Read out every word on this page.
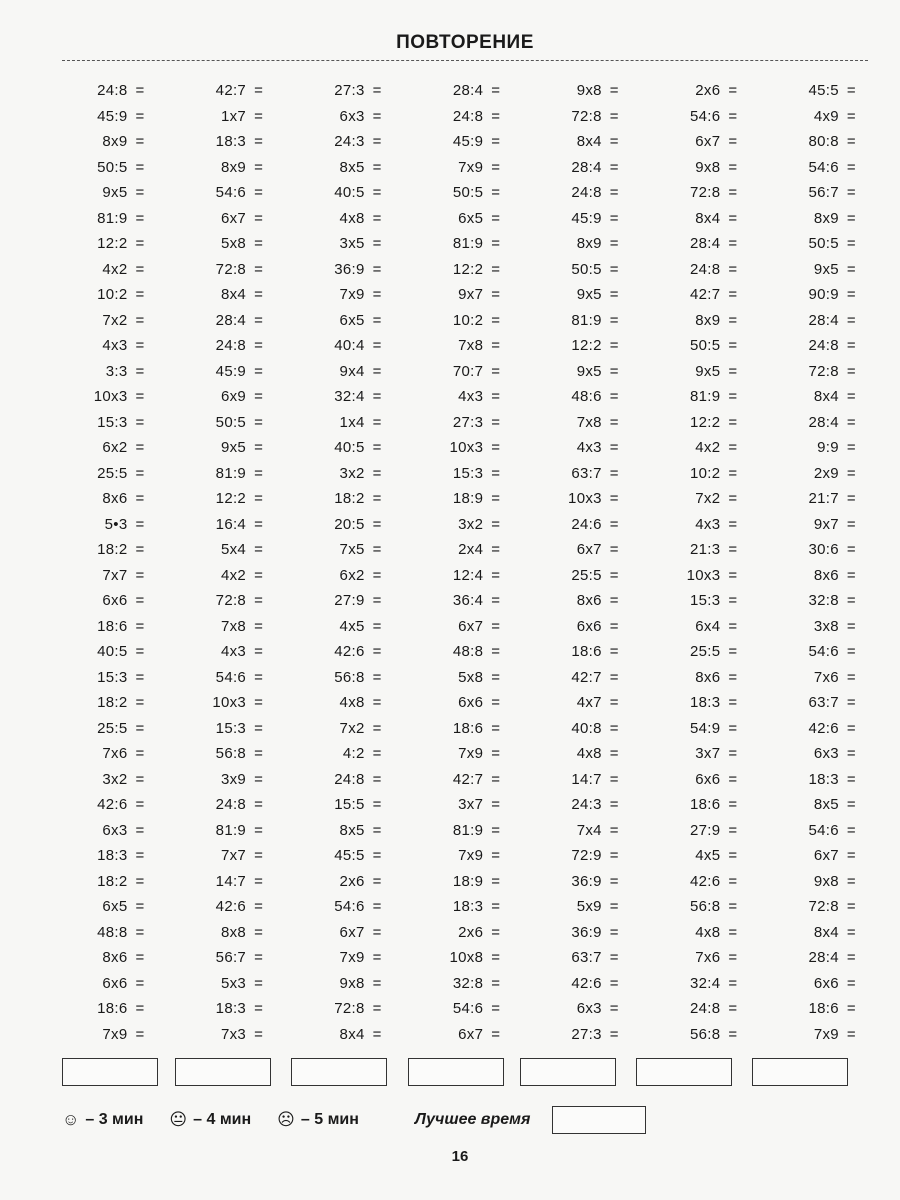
ПОВТОРЕНИЕ
24:8 =	42:7 =	27:3 =	28:4 =	9x8 =	2x6 =	45:5 =
45:9 =	1x7 =	6x3 =	24:8 =	72:8 =	54:6 =	4x9 =
8x9 =	18:3 =	24:3 =	45:9 =	8x4 =	6x7 =	80:8 =
50:5 =	8x9 =	8x5 =	7x9 =	28:4 =	9x8 =	54:6 =
9x5 =	54:6 =	40:5 =	50:5 =	24:8 =	72:8 =	56:7 =
81:9 =	6x7 =	4x8 =	6x5 =	45:9 =	8x4 =	8x9 =
12:2 =	5x8 =	3x5 =	81:9 =	8x9 =	28:4 =	50:5 =
4x2 =	72:8 =	36:9 =	12:2 =	50:5 =	24:8 =	9x5 =
10:2 =	8x4 =	7x9 =	9x7 =	9x5 =	42:7 =	90:9 =
7x2 =	28:4 =	6x5 =	10:2 =	81:9 =	8x9 =	28:4 =
4x3 =	24:8 =	40:4 =	7x8 =	12:2 =	50:5 =	24:8 =
3:3 =	45:9 =	9x4 =	70:7 =	9x5 =	9x5 =	72:8 =
10x3 =	6x9 =	32:4 =	4x3 =	48:6 =	81:9 =	8x4 =
15:3 =	50:5 =	1x4 =	27:3 =	7x8 =	12:2 =	28:4 =
6x2 =	9x5 =	40:5 =	10x3 =	4x3 =	4x2 =	9:9 =
25:5 =	81:9 =	3x2 =	15:3 =	63:7 =	10:2 =	2x9 =
8x6 =	12:2 =	18:2 =	18:9 =	10x3 =	7x2 =	21:7 =
5•3 =	16:4 =	20:5 =	3x2 =	24:6 =	4x3 =	9x7 =
18:2 =	5x4 =	7x5 =	2x4 =	6x7 =	21:3 =	30:6 =
7x7 =	4x2 =	6x2 =	12:4 =	25:5 =	10x3 =	8x6 =
6x6 =	72:8 =	27:9 =	36:4 =	8x6 =	15:3 =	32:8 =
18:6 =	7x8 =	4x5 =	6x7 =	6x6 =	6x4 =	3x8 =
40:5 =	4x3 =	42:6 =	48:8 =	18:6 =	25:5 =	54:6 =
15:3 =	54:6 =	56:8 =	5x8 =	42:7 =	8x6 =	7x6 =
18:2 =	10x3 =	4x8 =	6x6 =	4x7 =	18:3 =	63:7 =
25:5 =	15:3 =	7x2 =	18:6 =	40:8 =	54:9 =	42:6 =
7x6 =	56:8 =	4:2 =	7x9 =	4x8 =	3x7 =	6x3 =
3x2 =	3x9 =	24:8 =	42:7 =	14:7 =	6x6 =	18:3 =
42:6 =	24:8 =	15:5 =	3x7 =	24:3 =	18:6 =	8x5 =
6x3 =	81:9 =	8x5 =	81:9 =	7x4 =	27:9 =	54:6 =
18:3 =	7x7 =	45:5 =	7x9 =	72:9 =	4x5 =	6x7 =
18:2 =	14:7 =	2x6 =	18:9 =	36:9 =	42:6 =	9x8 =
6x5 =	42:6 =	54:6 =	18:3 =	5x9 =	56:8 =	72:8 =
48:8 =	8x8 =	6x7 =	2x6 =	36:9 =	4x8 =	8x4 =
8x6 =	56:7 =	7x9 =	10x8 =	63:7 =	7x6 =	28:4 =
6x6 =	5x3 =	9x8 =	32:8 =	42:6 =	32:4 =	6x6 =
18:6 =	18:3 =	72:8 =	54:6 =	6x3 =	24:8 =	18:6 =
7x9 =	7x3 =	8x4 =	6x7 =	27:3 =	56:8 =	7x9 =
☺ – 3 мин 😐 – 4 мин ☹ – 5 мин	Лучшее время
16
